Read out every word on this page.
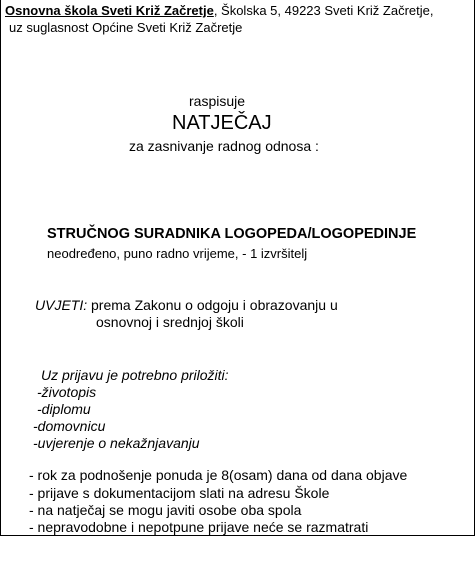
Osnovna škola Sveti Križ Začretje, Školska 5, 49223 Sveti Križ Začretje,
uz suglasnost Općine Sveti Križ Začretje
raspisuje
NATJEČAJ
za zasnivanje radnog odnosa :
STRUČNOG SURADNIKA LOGOPEDA/LOGOPEDINJE
neodređeno, puno radno vrijeme, - 1 izvršitelj
UVJETI: prema Zakonu o odgoju i obrazovanju u
osnovnoj i srednjoj školi
Uz prijavu je potrebno priložiti:
-životopis
-diplomu
-domovnicu
-uvjerenje o nekažnjavanju
- rok za podnošenje ponuda je 8(osam) dana od dana objave
- prijave s dokumentacijom slati na adresu Škole
- na natječaj se mogu javiti osobe oba spola
- nepravodobne i nepotpune prijave neće se razmatrati
